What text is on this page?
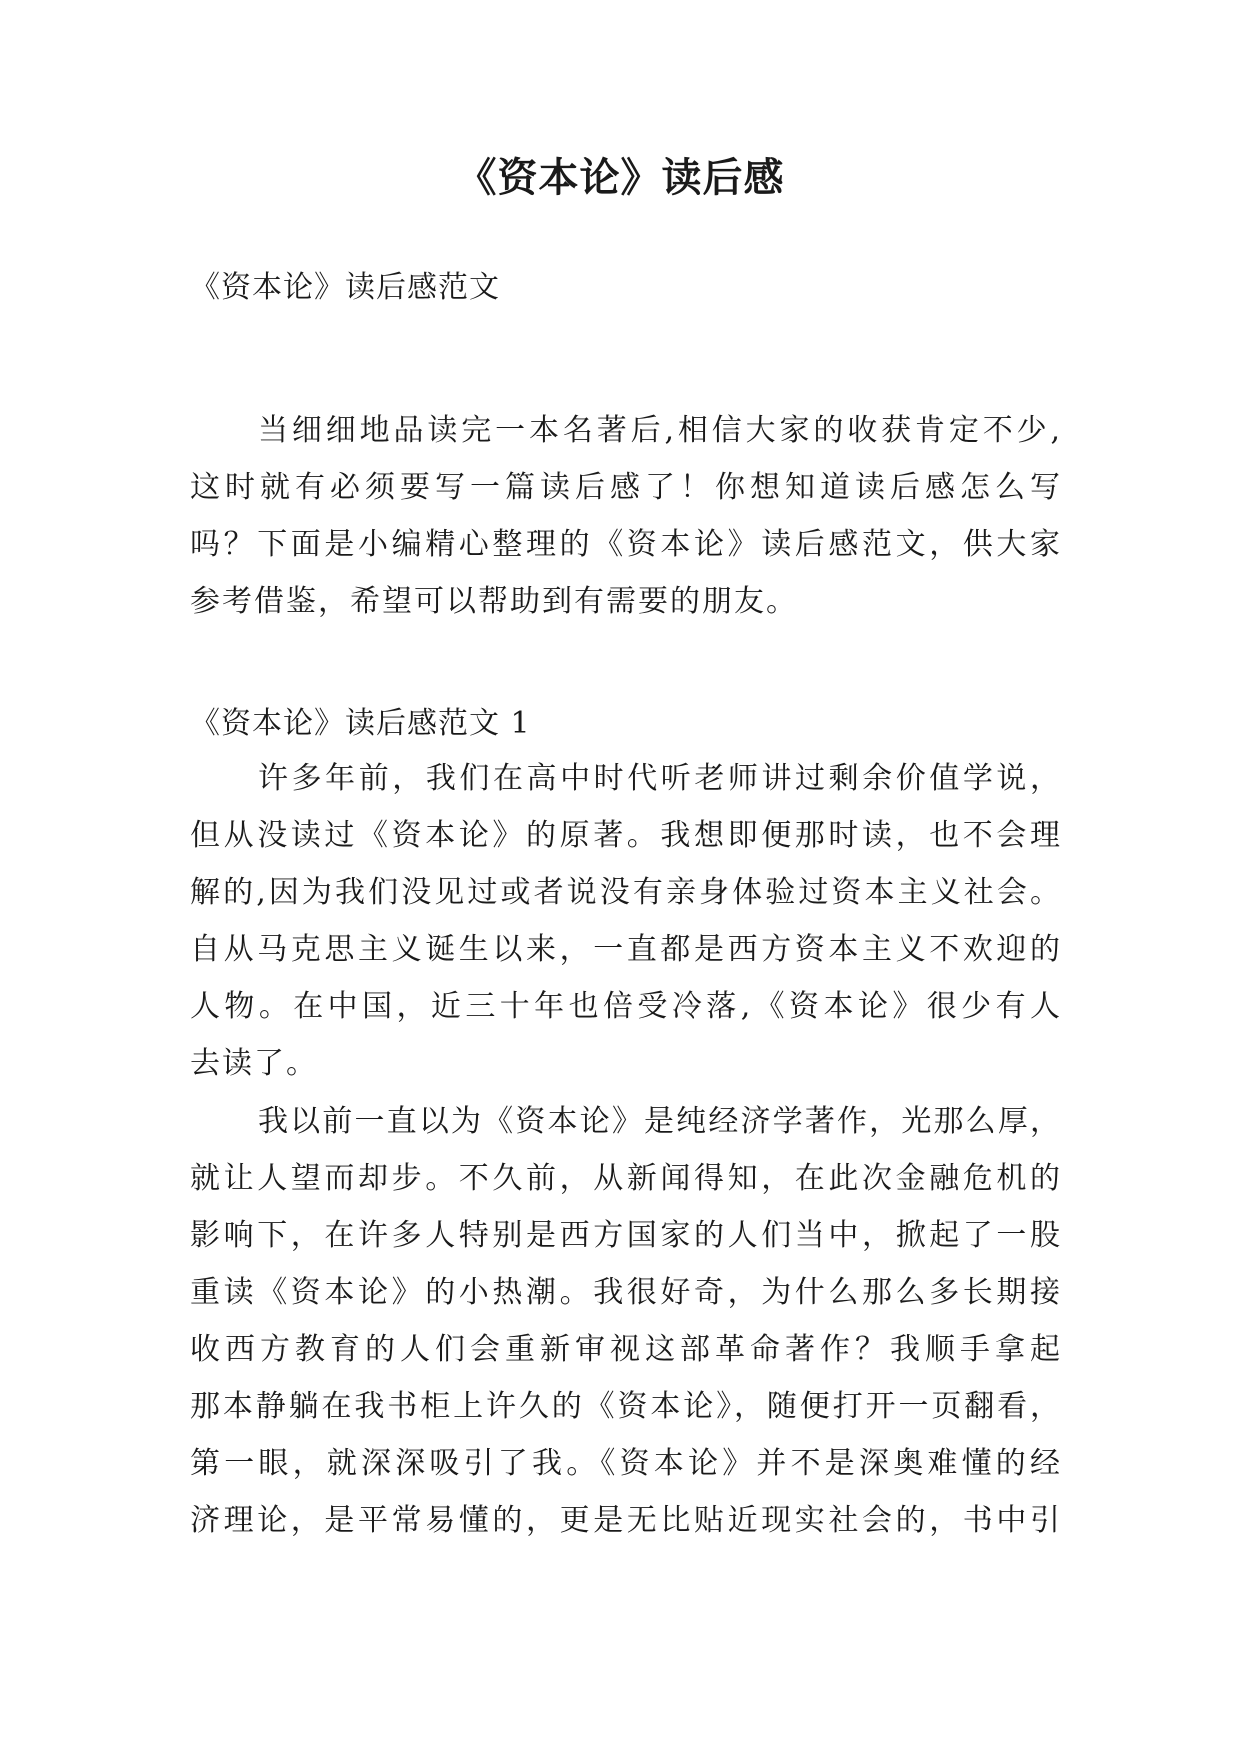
《资本论》读后感

《资本论》读后感范文

当细细地品读完一本名著后,相信大家的收获肯定不少,

这时就有必须要写一篇读后感了！你想知道读后感怎么写

吗？下面是小编精心整理的《资本论》读后感范文，供大家

参考借鉴，希望可以帮助到有需要的朋友。

《资本论》读后感范文 1

许多年前，我们在高中时代听老师讲过剩余价值学说，

但从没读过《资本论》的原著。我想即便那时读，也不会理

解的,因为我们没见过或者说没有亲身体验过资本主义社会。

自从马克思主义诞生以来，一直都是西方资本主义不欢迎的

人物。在中国，近三十年也倍受冷落,《资本论》很少有人

去读了。

我以前一直以为《资本论》是纯经济学著作，光那么厚，

就让人望而却步。不久前，从新闻得知，在此次金融危机的

影响下，在许多人特别是西方国家的人们当中，掀起了一股

重读《资本论》的小热潮。我很好奇，为什么那么多长期接

收西方教育的人们会重新审视这部革命著作？我顺手拿起

那本静躺在我书柜上许久的《资本论》，随便打开一页翻看，

第一眼，就深深吸引了我。《资本论》并不是深奥难懂的经

济理论，是平常易懂的，更是无比贴近现实社会的，书中引
